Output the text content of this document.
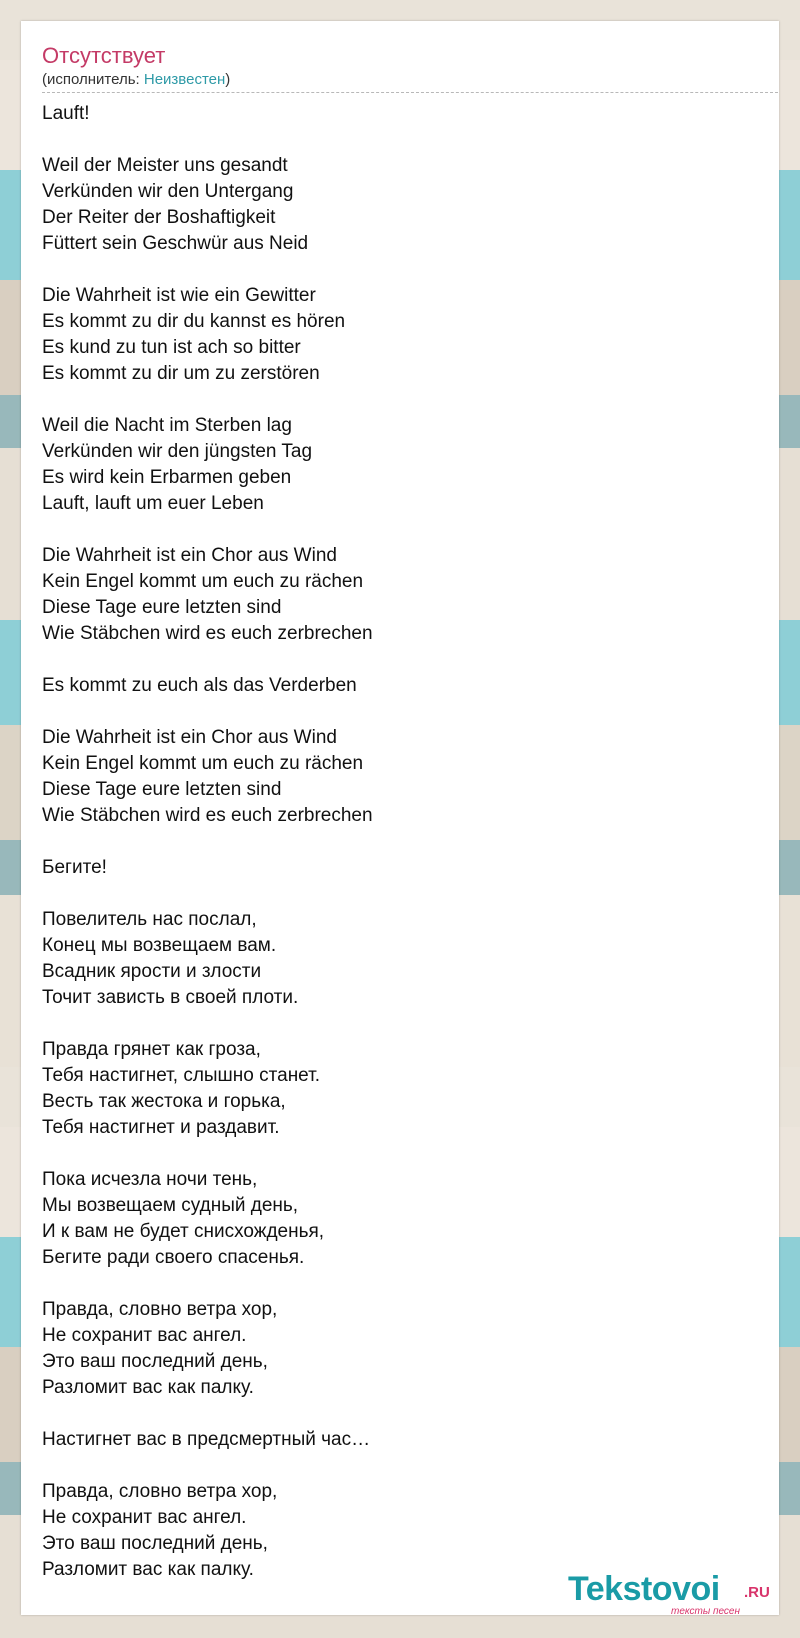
Отсутствует
(исполнитель: Неизвестен)
Lauft!
Weil der Meister uns gesandt
Verkünden wir den Untergang
Der Reiter der Boshaftigkeit
Füttert sein Geschwür aus Neid
Die Wahrheit ist wie ein Gewitter
Es kommt zu dir du kannst es hören
Es kund zu tun ist ach so bitter
Es kommt zu dir um zu zerstören
Weil die Nacht im Sterben lag
Verkünden wir den jüngsten Tag
Es wird kein Erbarmen geben
Lauft, lauft um euer Leben
Die Wahrheit ist ein Chor aus Wind
Kein Engel kommt um euch zu rächen
Diese Tage eure letzten sind
Wie Stäbchen wird es euch zerbrechen
Es kommt zu euch als das Verderben
Die Wahrheit ist ein Chor aus Wind
Kein Engel kommt um euch zu rächen
Diese Tage eure letzten sind
Wie Stäbchen wird es euch zerbrechen
Бегите!
Повелитель нас послал,
Конец мы возвещаем вам.
Всадник ярости и злости
Точит зависть в своей плоти.
Правда грянет как гроза,
Тебя настигнет, слышно станет.
Весть так жестока и горька,
Тебя настигнет и раздавит.
Пока исчезла ночи тень,
Мы возвещаем судный день,
И к вам не будет снисхожденья,
Бегите ради своего спасенья.
Правда, словно ветра хор,
Не сохранит вас ангел.
Это ваш последний день,
Разломит вас как палку.
Настигнет вас в предсмертный час…
Правда, словно ветра хор,
Не сохранит вас ангел.
Это ваш последний день,
Разломит вас как палку.
Tekstovoi .RU
тексты песен
